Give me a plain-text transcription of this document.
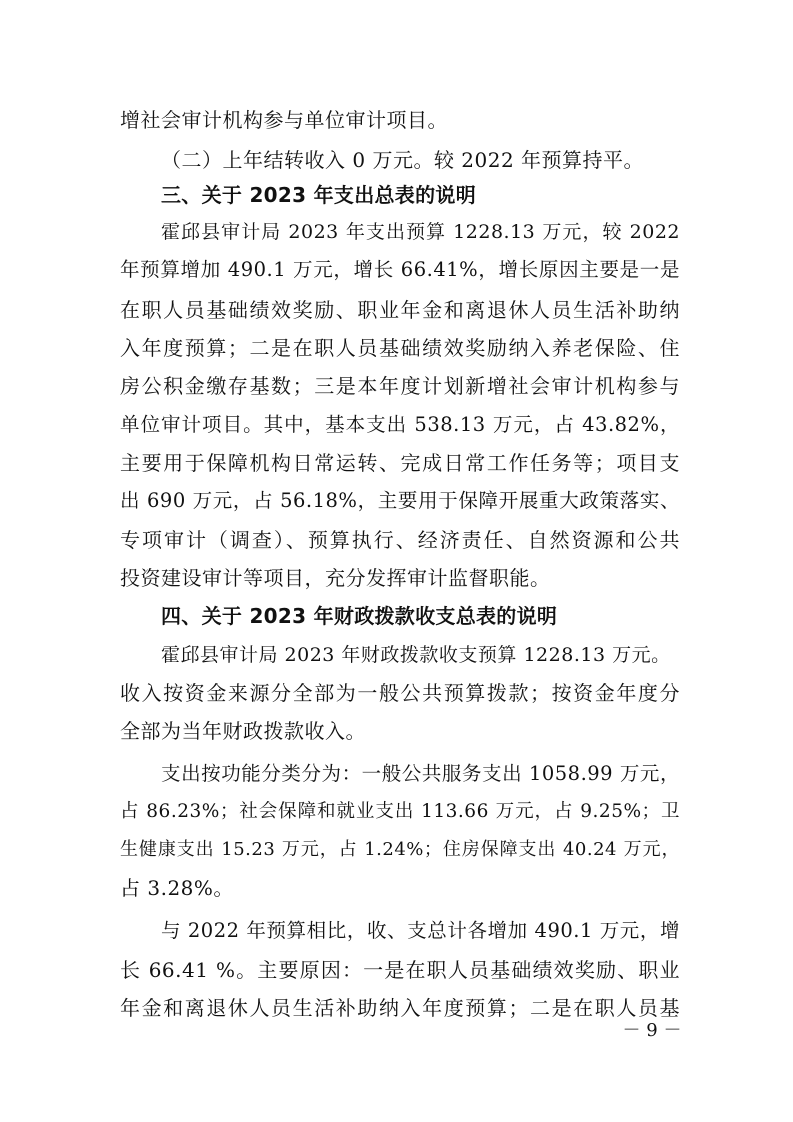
增社会审计机构参与单位审计项目。
（二）上年结转收入 0 万元。较 2022 年预算持平。
三、关于 2023 年支出总表的说明
霍邱县审计局 2023 年支出预算 1228.13 万元，较 2022
年预算增加 490.1 万元，增长 66.41%，增长原因主要是一是
在职人员基础绩效奖励、职业年金和离退休人员生活补助纳
入年度预算；二是在职人员基础绩效奖励纳入养老保险、住
房公积金缴存基数；三是本年度计划新增社会审计机构参与
单位审计项目。其中，基本支出 538.13 万元，占 43.82%，
主要用于保障机构日常运转、完成日常工作任务等；项目支
出 690 万元，占 56.18%，主要用于保障开展重大政策落实、
专项审计（调查）、预算执行、经济责任、自然资源和公共
投资建设审计等项目，充分发挥审计监督职能。
四、关于 2023 年财政拨款收支总表的说明
霍邱县审计局 2023 年财政拨款收支预算 1228.13 万元。
收入按资金来源分全部为一般公共预算拨款；按资金年度分
全部为当年财政拨款收入。
支出按功能分类分为：一般公共服务支出 1058.99 万元，
占 86.23%；社会保障和就业支出 113.66 万元，占 9.25%；卫
生健康支出 15.23 万元，占 1.24%；住房保障支出 40.24 万元，
占 3.28%。
与 2022 年预算相比，收、支总计各增加 490.1 万元，增
长 66.41 %。主要原因：一是在职人员基础绩效奖励、职业
年金和离退休人员生活补助纳入年度预算；二是在职人员基
－ 9 －
